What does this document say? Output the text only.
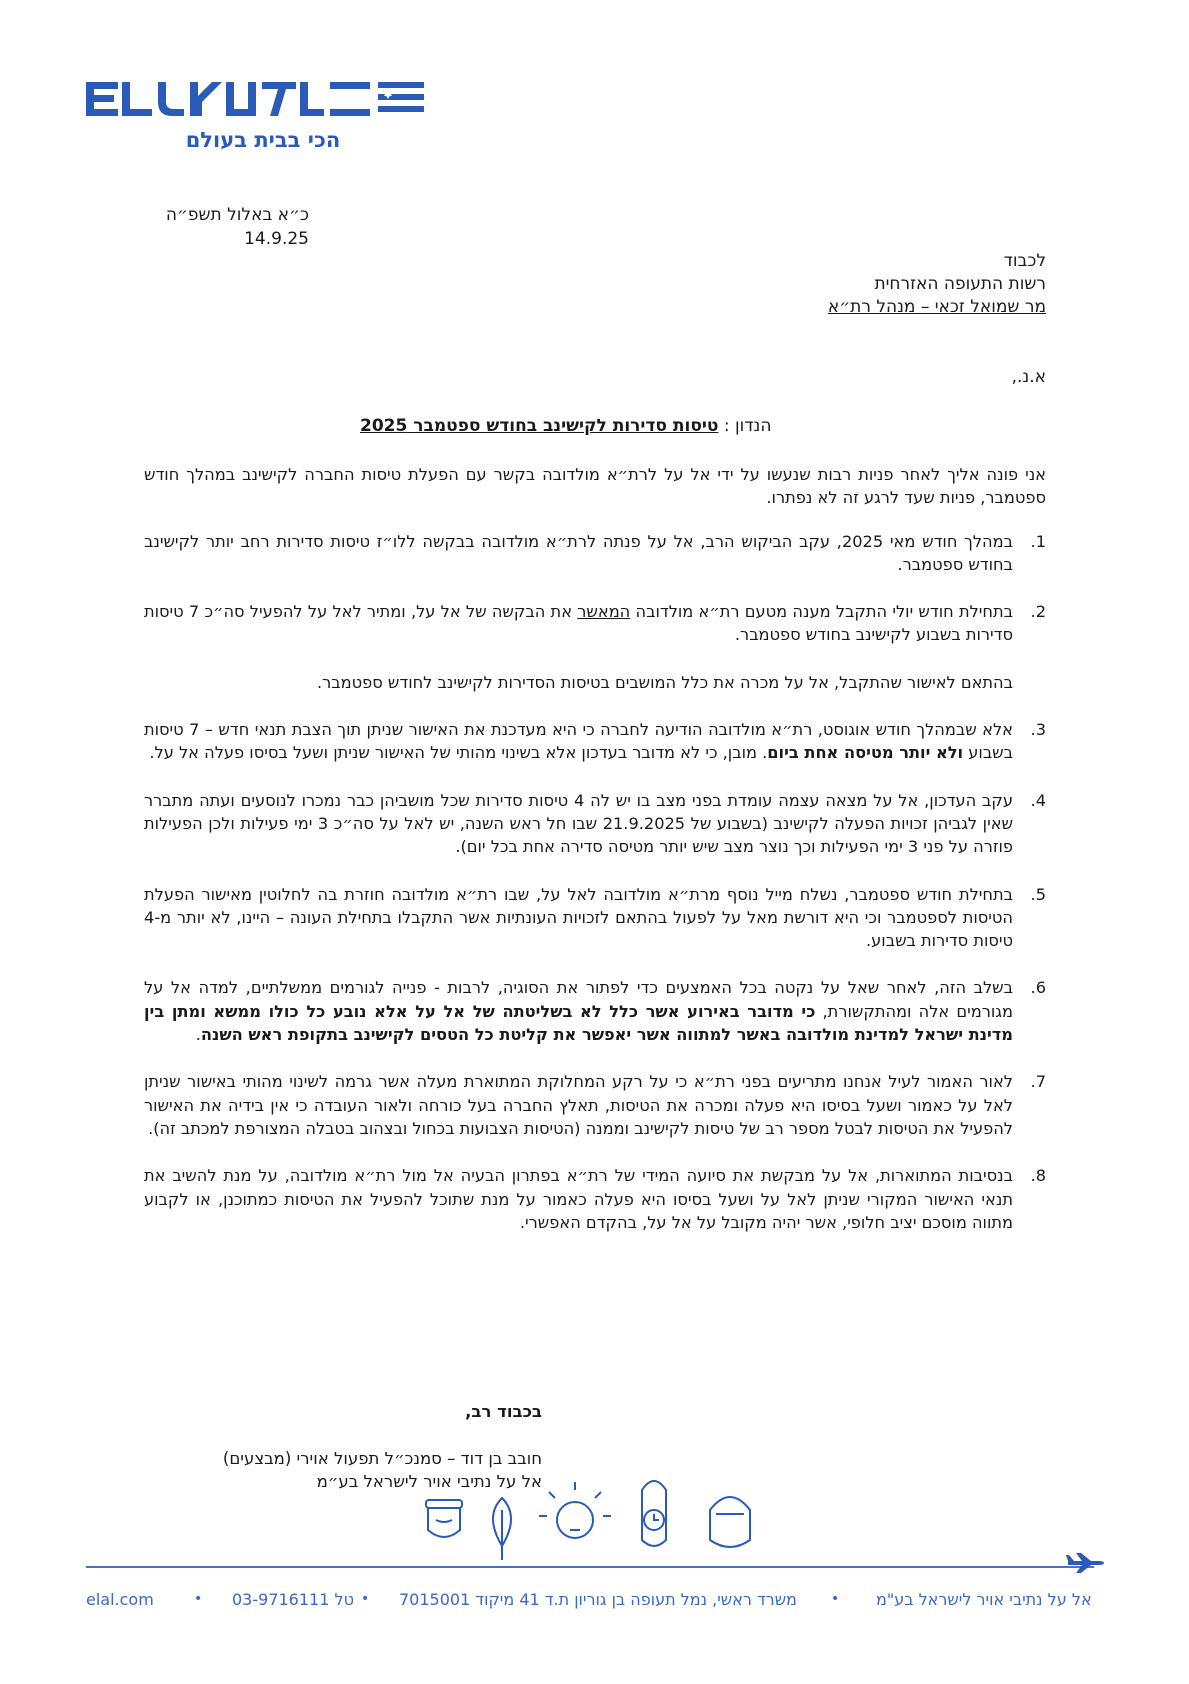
הכי בבית בעולם
כ״א באלול תשפ״ה
14.9.25
לכבוד
רשות התעופה האזרחית
מר שמואל זכאי – מנהל רת״א
א.נ.,
הנדון : טיסות סדירות לקישינב בחודש ספטמבר 2025

אני פונה אליך לאחר פניות רבות שנעשו על ידי אל על לרת״א מולדובה בקשר עם הפעלת טיסות החברה לקישינב במהלך חודש ספטמבר, פניות שעד לרגע זה לא נפתרו.

1.

במהלך חודש מאי 2025, עקב הביקוש הרב, אל על פנתה לרת״א מולדובה בבקשה ללו״ז טיסות סדירות רחב יותר לקישינב בחודש ספטמבר.

2.

בתחילת חודש יולי התקבל מענה מטעם רת״א מולדובה המאשר את הבקשה של אל על, ומתיר לאל על להפעיל סה״כ 7 טיסות סדירות בשבוע לקישינב בחודש ספטמבר.

בהתאם לאישור שהתקבל, אל על מכרה את כלל המושבים בטיסות הסדירות לקישינב לחודש ספטמבר.

3.

אלא שבמהלך חודש אוגוסט, רת״א מולדובה הודיעה לחברה כי היא מעדכנת את האישור שניתן תוך הצבת תנאי חדש – 7 טיסות בשבוע ולא יותר מטיסה אחת ביום. מובן, כי לא מדובר בעדכון אלא בשינוי מהותי של האישור שניתן ושעל בסיסו פעלה אל על.

4.

עקב העדכון, אל על מצאה עצמה עומדת בפני מצב בו יש לה 4 טיסות סדירות שכל מושביהן כבר נמכרו לנוסעים ועתה מתברר שאין לגביהן זכויות הפעלה לקישינב (בשבוע של 21.9.2025 שבו חל ראש השנה, יש לאל על סה״כ 3 ימי פעילות ולכן הפעילות פוזרה על פני 3 ימי הפעילות וכך נוצר מצב שיש יותר מטיסה סדירה אחת בכל יום).

5.

בתחילת חודש ספטמבר, נשלח מייל נוסף מרת״א מולדובה לאל על, שבו רת״א מולדובה חוזרת בה לחלוטין מאישור הפעלת הטיסות לספטמבר וכי היא דורשת מאל על לפעול בהתאם לזכויות העונתיות אשר התקבלו בתחילת העונה – היינו, לא יותר מ-4 טיסות סדירות בשבוע.

6.

בשלב הזה, לאחר שאל על נקטה בכל האמצעים כדי לפתור את הסוגיה, לרבות - פנייה לגורמים ממשלתיים, למדה אל על מגורמים אלה ומהתקשורת, כי מדובר באירוע אשר כלל לא בשליטתה של אל על אלא נובע כל כולו ממשא ומתן בין מדינת ישראל למדינת מולדובה באשר למתווה אשר יאפשר את קליטת כל הטסים לקישינב בתקופת ראש השנה.

7.

לאור האמור לעיל אנחנו מתריעים בפני רת״א כי על רקע המחלוקת המתוארת מעלה אשר גרמה לשינוי מהותי באישור שניתן לאל על כאמור ושעל בסיסו היא פעלה ומכרה את הטיסות, תאלץ החברה בעל כורחה ולאור העובדה כי אין בידיה את האישור להפעיל את הטיסות לבטל מספר רב של טיסות לקישינב וממנה (הטיסות הצבועות בכחול ובצהוב בטבלה המצורפת למכתב זה).

8.

בנסיבות המתוארות, אל על מבקשת את סיועה המידי של רת״א בפתרון הבעיה אל מול רת״א מולדובה, על מנת להשיב את תנאי האישור המקורי שניתן לאל על ושעל בסיסו היא פעלה כאמור על מנת שתוכל להפעיל את הטיסות כמתוכנן, או לקבוע מתווה מוסכם יציב חלופי, אשר יהיה מקובל על אל על, בהקדם האפשרי.

בכבוד רב,
חובב בן דוד – סמנכ״ל תפעול אוירי (מבצעים)
אל על נתיבי אויר לישראל בע״מ
elal.com	• טל 03-9716111 • משרד ראשי, נמל תעופה בן גוריון ת.ד 41 מיקוד 7015001 • אל על נתיבי אויר לישראל בע"מ
